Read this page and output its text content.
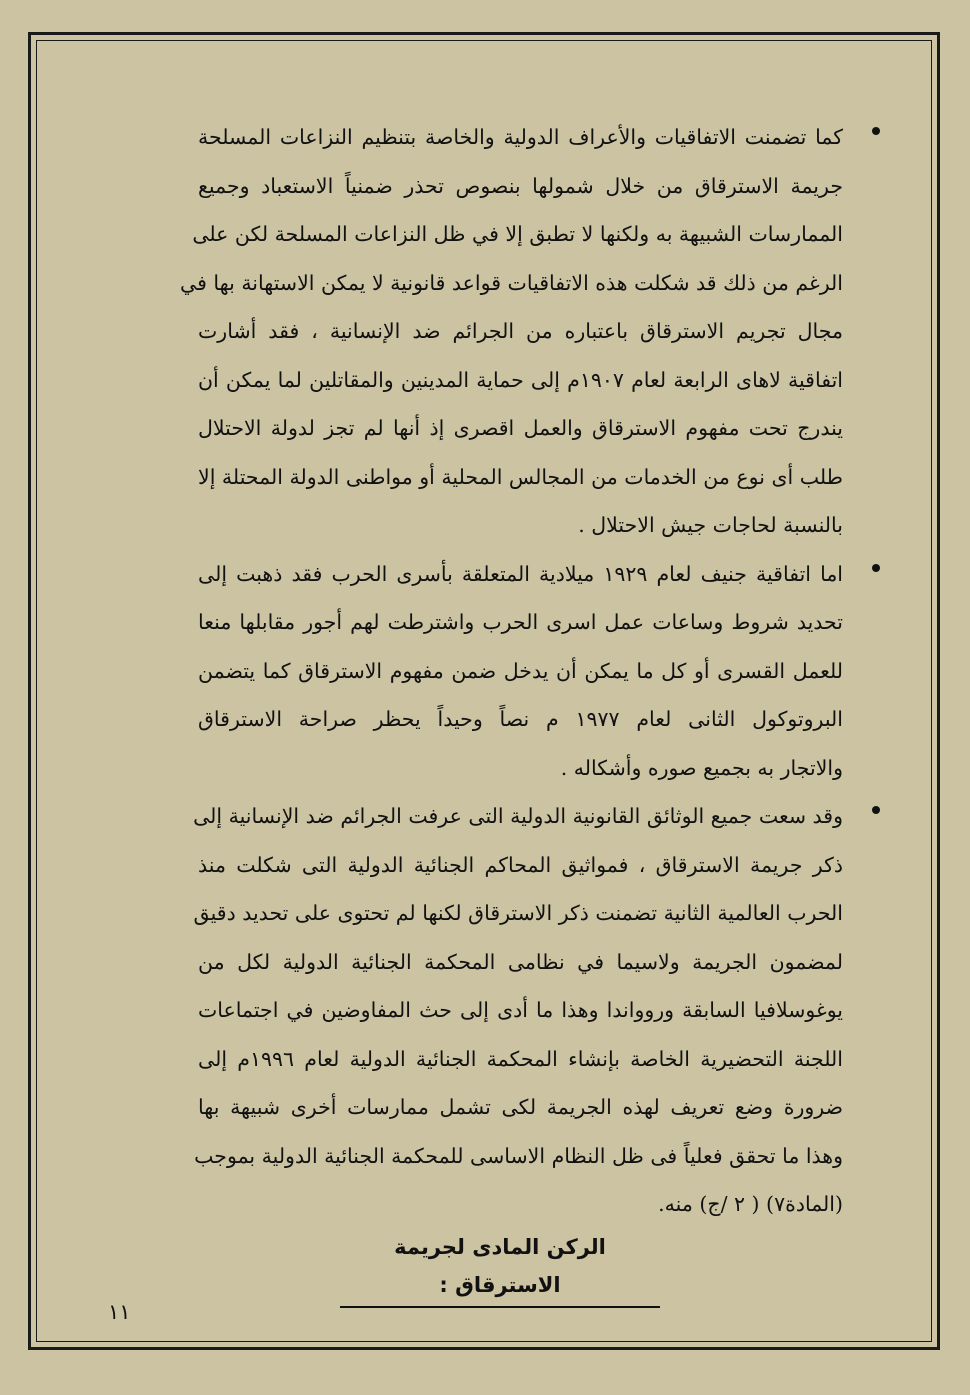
كما تضمنت الاتفاقيات والأعراف الدولية والخاصة بتنظيم النزاعات المسلحة
جريمة الاسترقاق من خلال شمولها بنصوص تحذر ضمنياً الاستعباد وجميع
الممارسات الشبيهة به ولكنها لا تطبق إلا في ظل النزاعات المسلحة لكن على
الرغم من ذلك قد شكلت هذه الاتفاقيات قواعد قانونية لا يمكن الاستهانة بها في
مجال تجريم الاسترقاق باعتباره من الجرائم ضد الإنسانية ، فقد أشارت
اتفاقية لاهاى الرابعة لعام ١٩٠٧م إلى حماية المدينين والمقاتلين لما يمكن أن
يندرج تحت مفهوم الاسترقاق والعمل اقصرى إذ أنها لم تجز لدولة الاحتلال
طلب أى نوع من الخدمات من المجالس المحلية أو مواطنى الدولة المحتلة إلا
بالنسبة لحاجات جيش الاحتلال .
اما اتفاقية جنيف لعام ١٩٢٩ ميلادية المتعلقة بأسرى الحرب فقد ذهبت إلى
تحديد شروط وساعات عمل اسرى الحرب واشترطت لهم أجور مقابلها منعا
للعمل القسرى أو كل ما يمكن أن يدخل ضمن مفهوم الاسترقاق كما يتضمن
البروتوكول الثانى لعام ١٩٧٧ م نصاً وحيداً يحظر صراحة الاسترقاق
والاتجار به بجميع صوره وأشكاله .
وقد سعت جميع الوثائق القانونية الدولية التى عرفت الجرائم ضد الإنسانية إلى
ذكر جريمة الاسترقاق ، فمواثيق المحاكم الجنائية الدولية التى شكلت منذ
الحرب العالمية الثانية تضمنت ذكر الاسترقاق لكنها لم تحتوى على تحديد دقيق
لمضمون الجريمة ولاسيما في نظامى المحكمة الجنائية الدولية لكل من
يوغوسلافيا السابقة وروواندا وهذا ما أدى إلى حث المفاوضين في اجتماعات
اللجنة التحضيرية الخاصة بإنشاء المحكمة الجنائية الدولية لعام ١٩٩٦م إلى
ضرورة وضع تعريف لهذه الجريمة لكى تشمل ممارسات أخرى شبيهة بها
وهذا ما تحقق فعلياً فى ظل النظام الاساسى للمحكمة الجنائية الدولية بموجب
(المادة٧) ( ٢ /ج) منه.
الركن المادى لجريمة الاسترقاق :
١١
